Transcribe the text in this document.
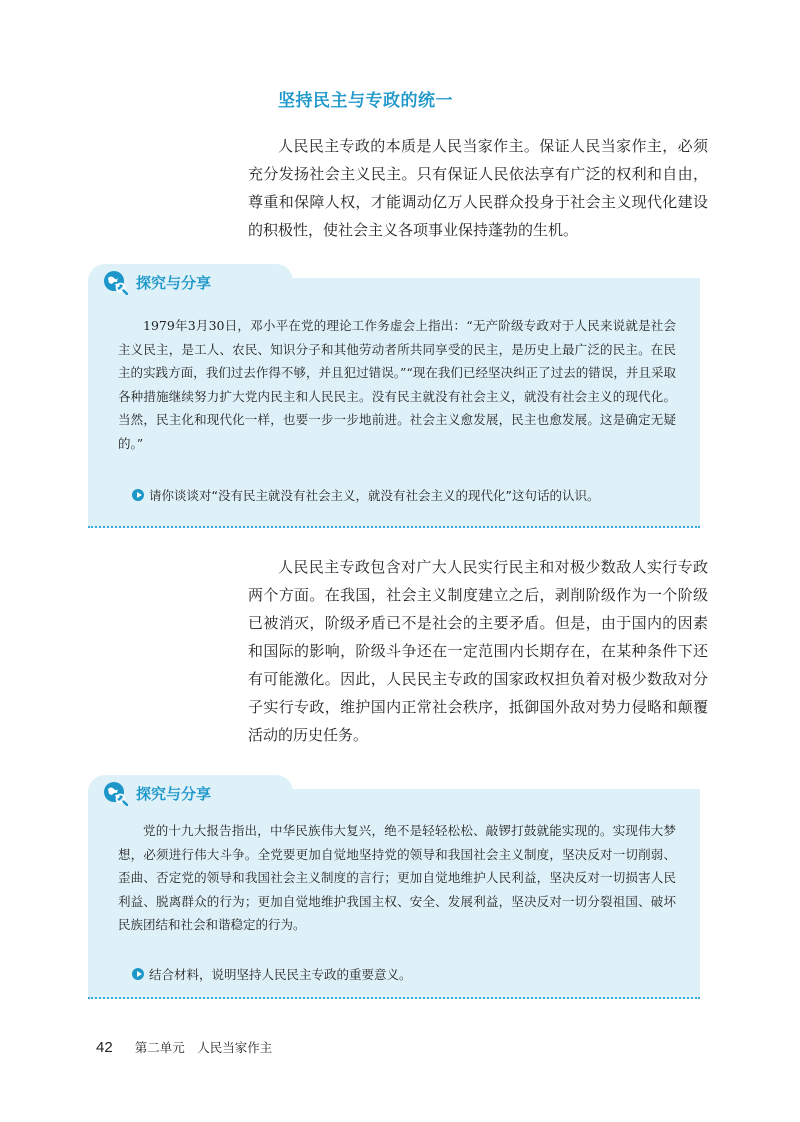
坚持民主与专政的统一

人民民主专政的本质是人民当家作主。保证人民当家作主，必须充分发扬社会主义民主。只有保证人民依法享有广泛的权利和自由，尊重和保障人权，才能调动亿万人民群众投身于社会主义现代化建设的积极性，使社会主义各项事业保持蓬勃的生机。

探究与分享

1979年3月30日，邓小平在党的理论工作务虚会上指出：“无产阶级专政对于人民来说就是社会主义民主，是工人、农民、知识分子和其他劳动者所共同享受的民主，是历史上最广泛的民主。在民主的实践方面，我们过去作得不够，并且犯过错误。”“现在我们已经坚决纠正了过去的错误，并且采取各种措施继续努力扩大党内民主和人民民主。没有民主就没有社会主义，就没有社会主义的现代化。当然，民主化和现代化一样，也要一步一步地前进。社会主义愈发展，民主也愈发展。这是确定无疑的。”

请你谈谈对“没有民主就没有社会主义，就没有社会主义的现代化”这句话的认识。

人民民主专政包含对广大人民实行民主和对极少数敌人实行专政两个方面。在我国，社会主义制度建立之后，剥削阶级作为一个阶级已被消灭，阶级矛盾已不是社会的主要矛盾。但是，由于国内的因素和国际的影响，阶级斗争还在一定范围内长期存在，在某种条件下还有可能激化。因此，人民民主专政的国家政权担负着对极少数敌对分子实行专政，维护国内正常社会秩序，抵御国外敌对势力侵略和颠覆活动的历史任务。

探究与分享

党的十九大报告指出，中华民族伟大复兴，绝不是轻轻松松、敲锣打鼓就能实现的。实现伟大梦想，必须进行伟大斗争。全党要更加自觉地坚持党的领导和我国社会主义制度，坚决反对一切削弱、歪曲、否定党的领导和我国社会主义制度的言行；更加自觉地维护人民利益，坚决反对一切损害人民利益、脱离群众的行为；更加自觉地维护我国主权、安全、发展利益，坚决反对一切分裂祖国、破坏民族团结和社会和谐稳定的行为。

结合材料，说明坚持人民民主专政的重要意义。
42 第二单元　人民当家作主
